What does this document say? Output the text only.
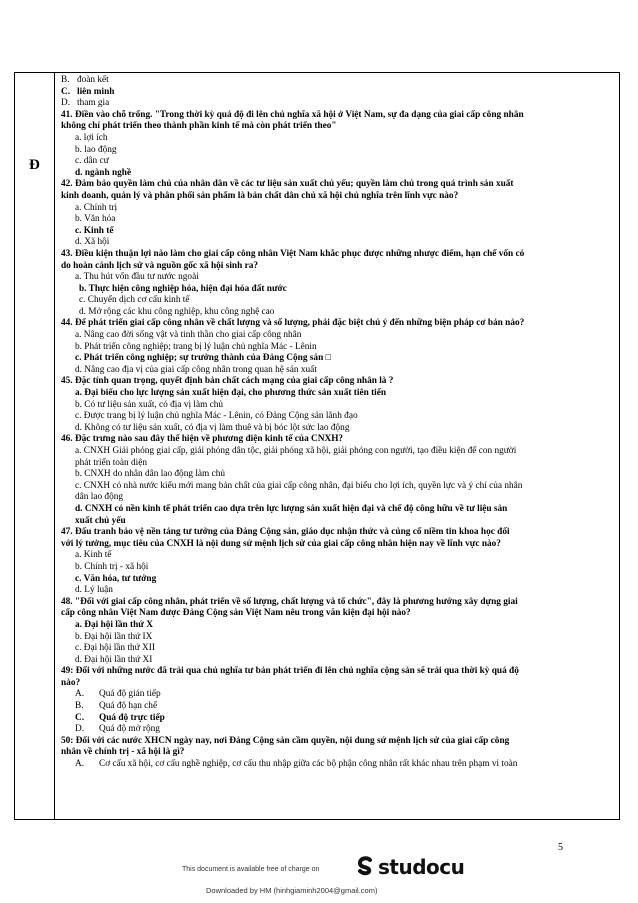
Đ
B. đoàn kết
C. liên minh
D. tham gia
41. Điền vào chỗ trống. "Trong thời kỳ quá độ đi lên chủ nghĩa xã hội ở Việt Nam, sự đa dạng của giai cấp công nhân
không chỉ phát triển theo thành phần kinh tế mà còn phát triển theo"
a. lợi ích
b. lao động
c. dân cư
d. ngành nghề
42. Đảm bảo quyền làm chủ của nhân dân về các tư liệu sản xuất chủ yếu; quyền làm chủ trong quá trình sản xuất
kinh doanh, quản lý và phân phối sản phẩm là bản chất dân chủ xã hội chủ nghĩa trên lĩnh vực nào?
a. Chính trị
b. Văn hóa
c. Kinh tế
d. Xã hội
43. Điều kiện thuận lợi nào làm cho giai cấp công nhân Việt Nam khắc phục được những nhược điểm, hạn chế vốn có
do hoàn cảnh lịch sử và nguồn gốc xã hội sinh ra?
a. Thu hút vốn đầu tư nước ngoài
b. Thực hiện công nghiệp hóa, hiện đại hóa đất nước
c. Chuyển dịch cơ cấu kinh tế
d. Mở rộng các khu công nghiệp, khu công nghệ cao
44. Để phát triển giai cấp công nhân về chất lượng và số lượng, phải đặc biệt chú ý đến những biện pháp cơ bản nào?
a. Nâng cao đời sống vật và tinh thần cho giai cấp công nhân
b. Phát triển công nghiệp; trang bị lý luận chủ nghĩa Mác - Lênin
c. Phát triển công nghiệp; sự trưởng thành của Đảng Cộng sản □
d. Nâng cao địa vị của giai cấp công nhân trong quan hệ sản xuất
45. Đặc tính quan trọng, quyết định bản chất cách mạng của giai cấp công nhân là ?
a. Đại biểu cho lực lượng sản xuất hiện đại, cho phương thức sản xuất tiên tiến
b. Có tư liệu sản xuất, có địa vị làm chủ
c. Được trang bị lý luận chủ nghĩa Mác - Lênin, có Đảng Cộng sản lãnh đạo
d. Không có tư liệu sản xuất, có địa vị làm thuê và bị bóc lột sức lao động
46. Đặc trưng nào sau đây thể hiện về phương diện kinh tế của CNXH?
a. CNXH Giải phóng giai cấp, giải phóng dân tộc, giải phóng xã hội, giải phóng con người, tạo điều kiện để con người
phát triển toàn diện
b. CNXH do nhân dân lao động làm chủ
c. CNXH có nhà nước kiểu mới mang bản chất của giai cấp công nhân, đại biểu cho lợi ích, quyền lực và ý chí của nhân
dân lao động
d. CNXH có nền kinh tế phát triển cao dựa trên lực lượng sản xuất hiện đại và chế độ công hữu về tư liệu sản
xuất chủ yếu
47. Đấu tranh bảo vệ nền tảng tư tưởng của Đảng Cộng sản, giáo dục nhận thức và củng cố niềm tin khoa học đối
với lý tưởng, mục tiêu của CNXH là nội dung sứ mệnh lịch sử của giai cấp công nhân hiện nay về lĩnh vực nào?
a. Kinh tế
b. Chính trị - xã hội
c. Văn hóa, tư tưởng
d. Lý luận
48. "Đối với giai cấp công nhân, phát triển về số lượng, chất lượng và tổ chức", đây là phương hướng xây dựng giai
cấp công nhân Việt Nam được Đảng Cộng sản Việt Nam nêu trong văn kiện đại hội nào?
a. Đại hội lần thứ X
b. Đại hội lần thứ IX
c. Đại hội lần thứ XII
d. Đại hội lần thứ XI
49: Đối với những nước đã trải qua chủ nghĩa tư bản phát triển đi lên chủ nghĩa cộng sản sẽ trải qua thời kỳ quá độ
nào?
A. Quá độ gián tiếp
B. Quá độ hạn chế
C. Quá độ trực tiếp
D. Quá độ mở rộng
50: Đối với các nước XHCN ngày nay, nơi Đảng Cộng sản cầm quyền, nội dung sứ mệnh lịch sử của giai cấp công
nhân về chính trị - xã hội là gì?
A. Cơ cấu xã hội, cơ cấu nghề nghiệp, cơ cấu thu nhập giữa các bộ phận công nhân rất khác nhau trên phạm vi toàn
5
This document is available free of charge on	studocu
Downloaded by HM (hinhgiaminh2004@gmail.com)
